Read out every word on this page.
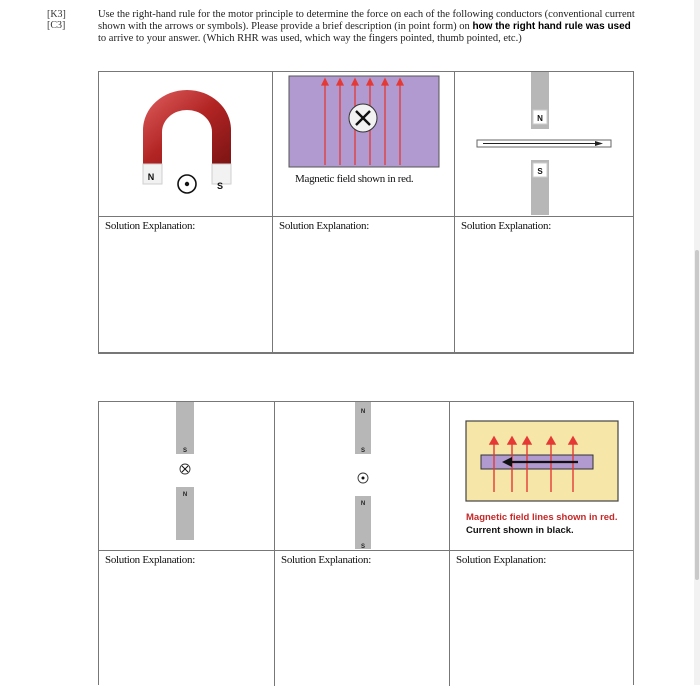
[K3]
[C3]
Use the right-hand rule for the motor principle to determine the force on each of the following conductors (conventional current shown with the arrows or symbols). Please provide a brief description (in point form) on how the right hand rule was used to arrive to your answer. (Which RHR was used, which way the fingers pointed, thumb pointed, etc.)
N
S
Magnetic field shown in red.
N
S
Solution Explanation:	Solution Explanation:	Solution Explanation:
S
N
N
S
N
S
Magnetic field lines shown in red. Current shown in black.
Solution Explanation:	Solution Explanation:	Solution Explanation:
